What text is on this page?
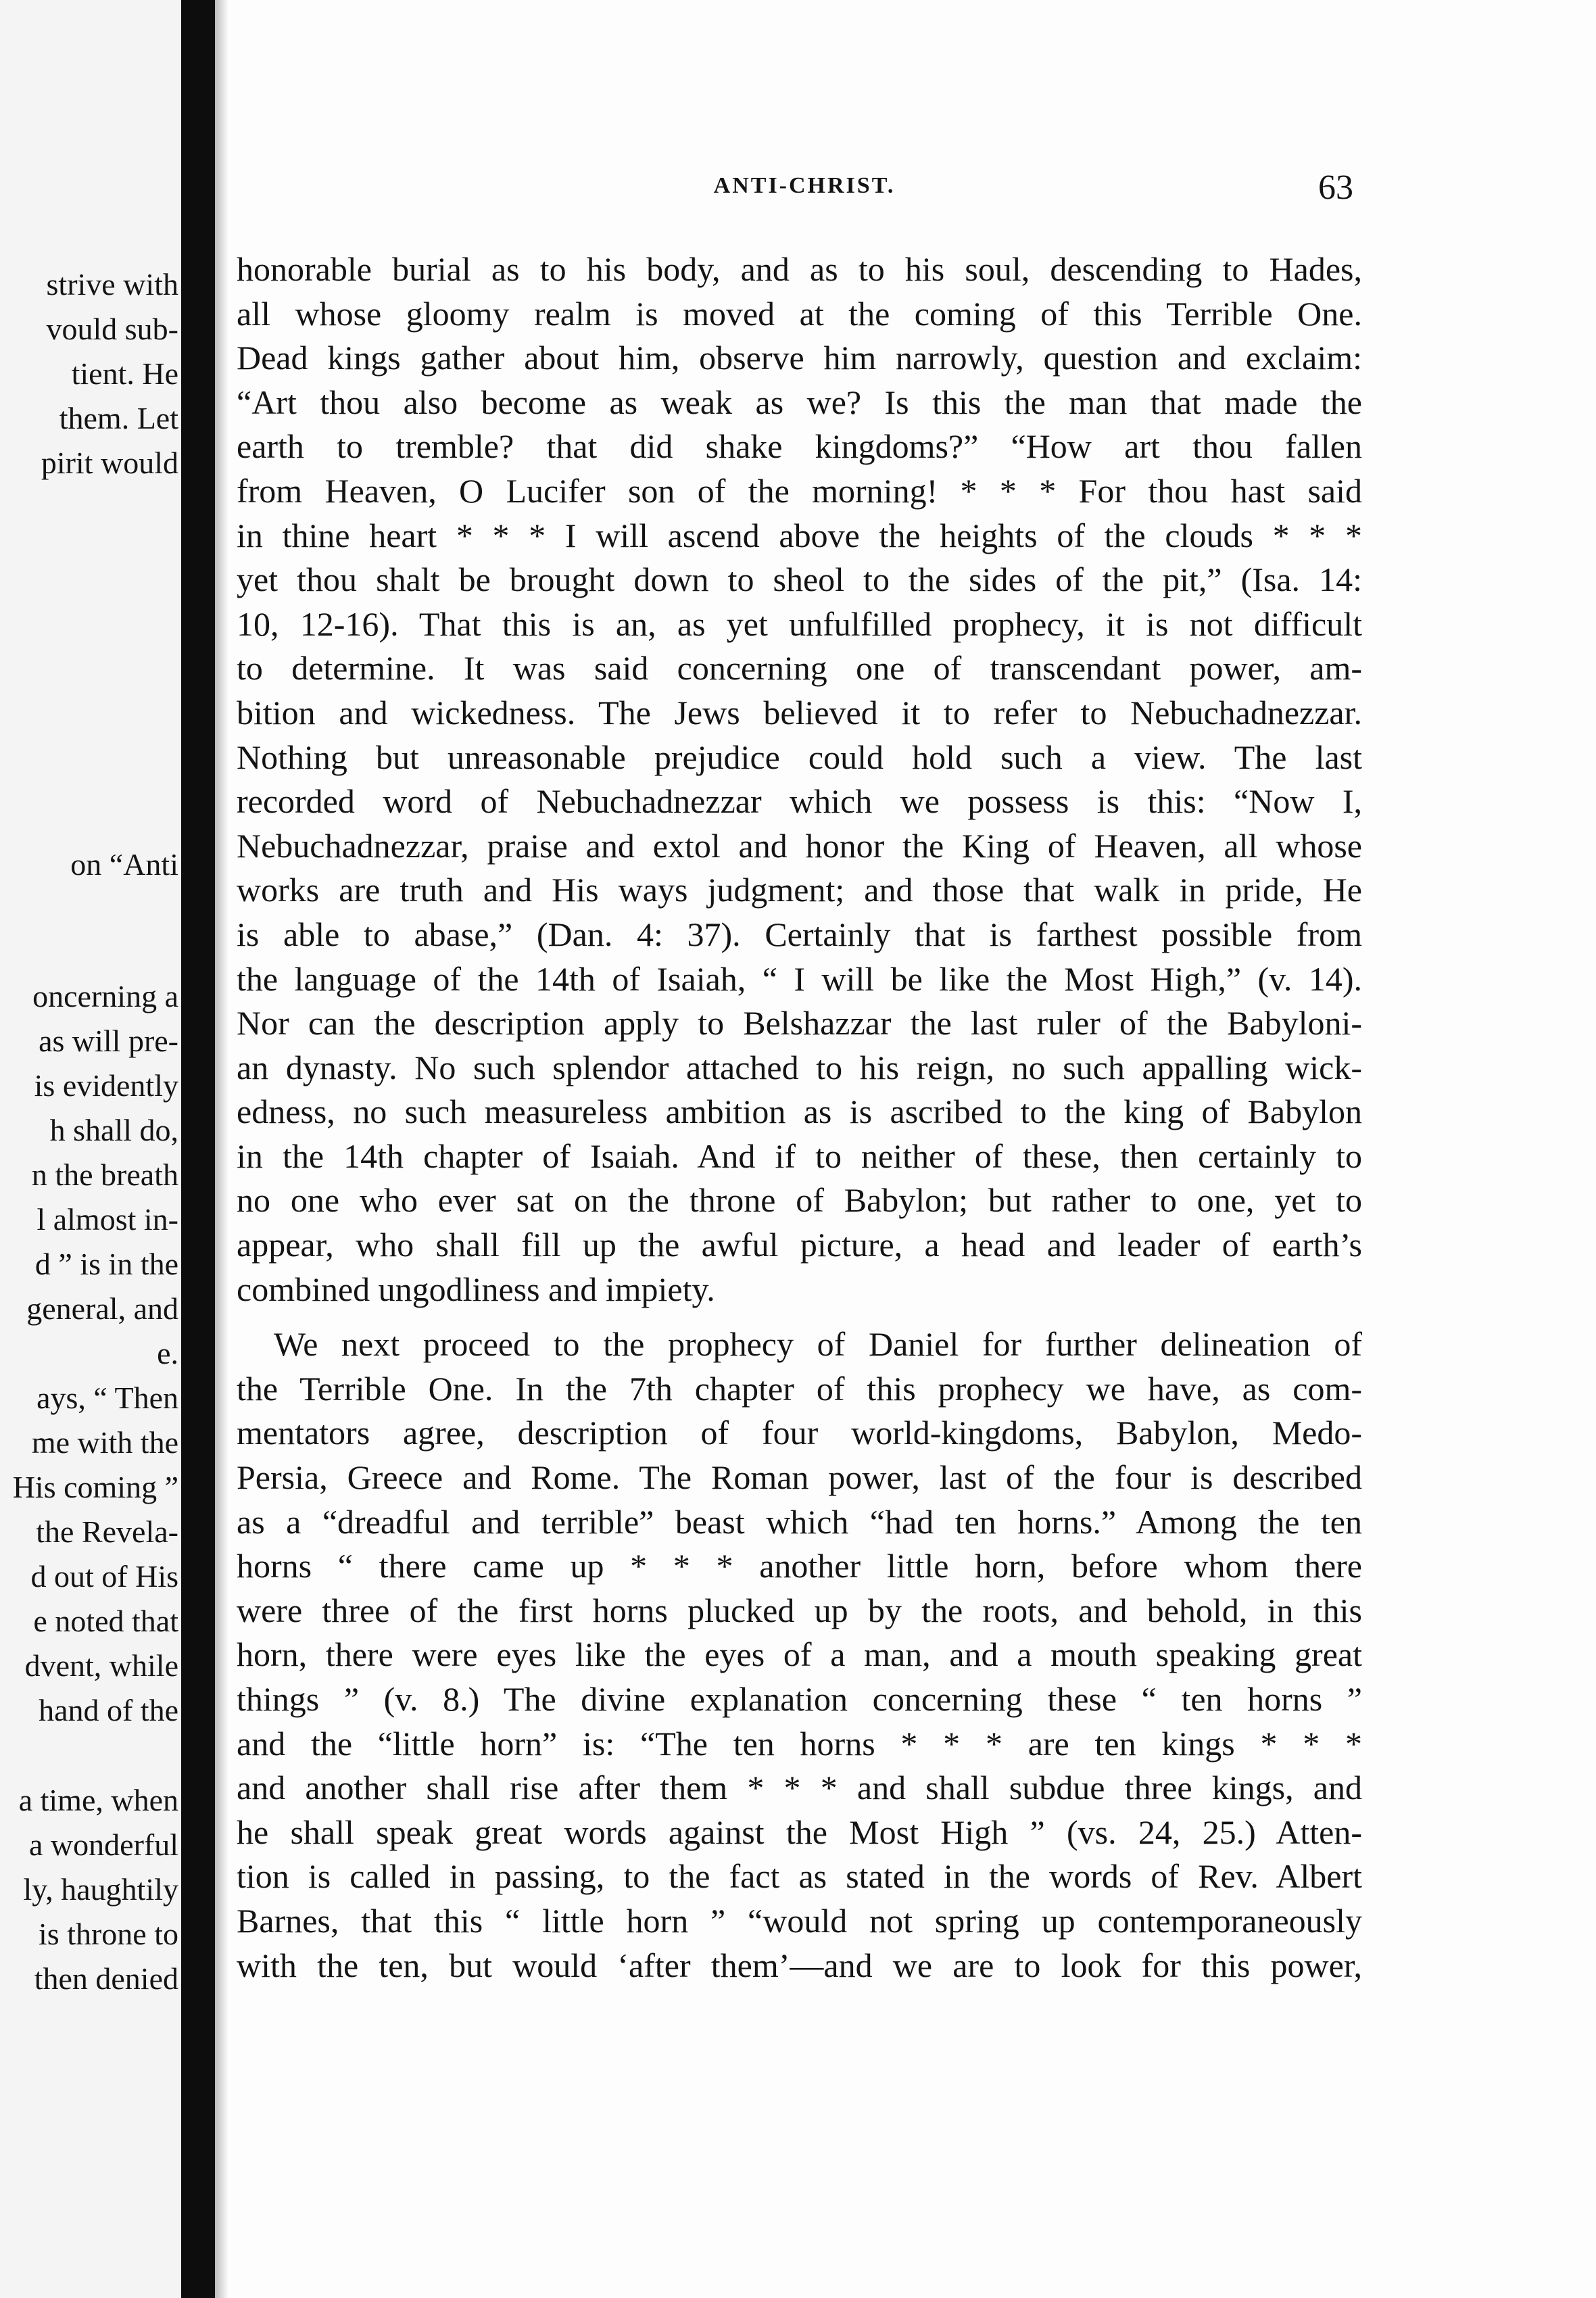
strive with
vould sub-
tient. He
them. Let
pirit would
on “Anti
oncerning a
as will pre-
is evidently
h shall do,
n the breath
l almost in-
d ” is in the
general, and
e.
ays, “ Then
me with the
His coming ”
the Revela-
d out of His
e noted that
dvent, while
hand of the
a time, when
a wonderful
ly, haughtily
is throne to
then denied
ANTI-CHRIST.	63
honorable burial as to his body, and as to his soul, descending to Hades,
all whose gloomy realm is moved at the coming of this Terrible One.
Dead kings gather about him, observe him narrowly, question and exclaim:
“Art thou also become as weak as we? Is this the man that made the
earth to tremble? that did shake kingdoms?” “How art thou fallen
from Heaven, O Lucifer son of the morning! * * * For thou hast said
in thine heart * * * I will ascend above the heights of the clouds * * *
yet thou shalt be brought down to sheol to the sides of the pit,” (Isa. 14:
10, 12-16). That this is an, as yet unfulfilled prophecy, it is not difficult
to determine. It was said concerning one of transcendant power, am-
bition and wickedness. The Jews believed it to refer to Nebuchadnezzar.
Nothing but unreasonable prejudice could hold such a view. The last
recorded word of Nebuchadnezzar which we possess is this: “Now I,
Nebuchadnezzar, praise and extol and honor the King of Heaven, all whose
works are truth and His ways judgment; and those that walk in pride, He
is able to abase,” (Dan. 4: 37). Certainly that is farthest possible from
the language of the 14th of Isaiah, “ I will be like the Most High,” (v. 14).
Nor can the description apply to Belshazzar the last ruler of the Babyloni-
an dynasty. No such splendor attached to his reign, no such appalling wick-
edness, no such measureless ambition as is ascribed to the king of Babylon
in the 14th chapter of Isaiah. And if to neither of these, then certainly to
no one who ever sat on the throne of Babylon; but rather to one, yet to
appear, who shall fill up the awful picture, a head and leader of earth’s
combined ungodliness and impiety.
We next proceed to the prophecy of Daniel for further delineation of
the Terrible One. In the 7th chapter of this prophecy we have, as com-
mentators agree, description of four world-kingdoms, Babylon, Medo-
Persia, Greece and Rome. The Roman power, last of the four is described
as a “dreadful and terrible” beast which “had ten horns.” Among the ten
horns “ there came up * * * another little horn, before whom there
were three of the first horns plucked up by the roots, and behold, in this
horn, there were eyes like the eyes of a man, and a mouth speaking great
things ” (v. 8.) The divine explanation concerning these “ ten horns ”
and the “little horn” is: “The ten horns * * * are ten kings * * *
and another shall rise after them * * * and shall subdue three kings, and
he shall speak great words against the Most High ” (vs. 24, 25.) Atten-
tion is called in passing, to the fact as stated in the words of Rev. Albert
Barnes, that this “ little horn ” “would not spring up contemporaneously
with the ten, but would ‘after them’—and we are to look for this power,
